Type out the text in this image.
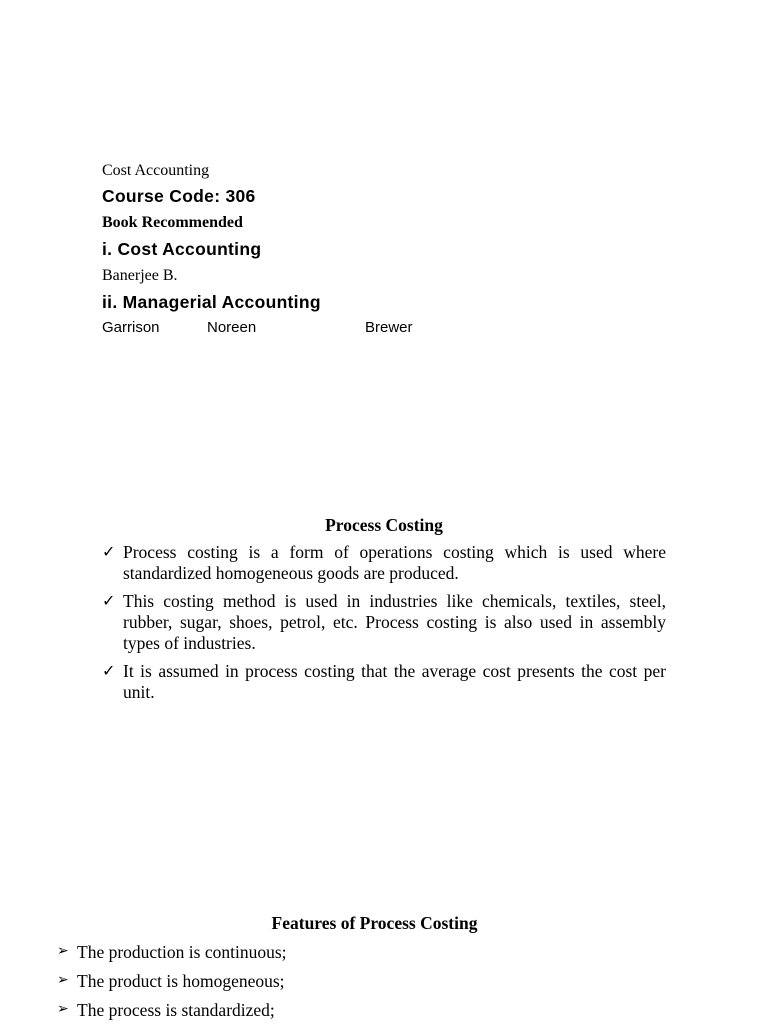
Cost Accounting
Course Code: 306
Book Recommended
i. Cost Accounting
Banerjee B.
ii. Managerial Accounting
Garrison	Noreen	Brewer
Process Costing
✓ Process costing is a form of operations costing which is used where standardized homogeneous goods are produced.
✓ This costing method is used in industries like chemicals, textiles, steel, rubber, sugar, shoes, petrol, etc. Process costing is also used in assembly types of industries.
✓ It is assumed in process costing that the average cost presents the cost per unit.
Features of Process Costing
➢ The production is continuous;
➢ The product is homogeneous;
➢ The process is standardized;
